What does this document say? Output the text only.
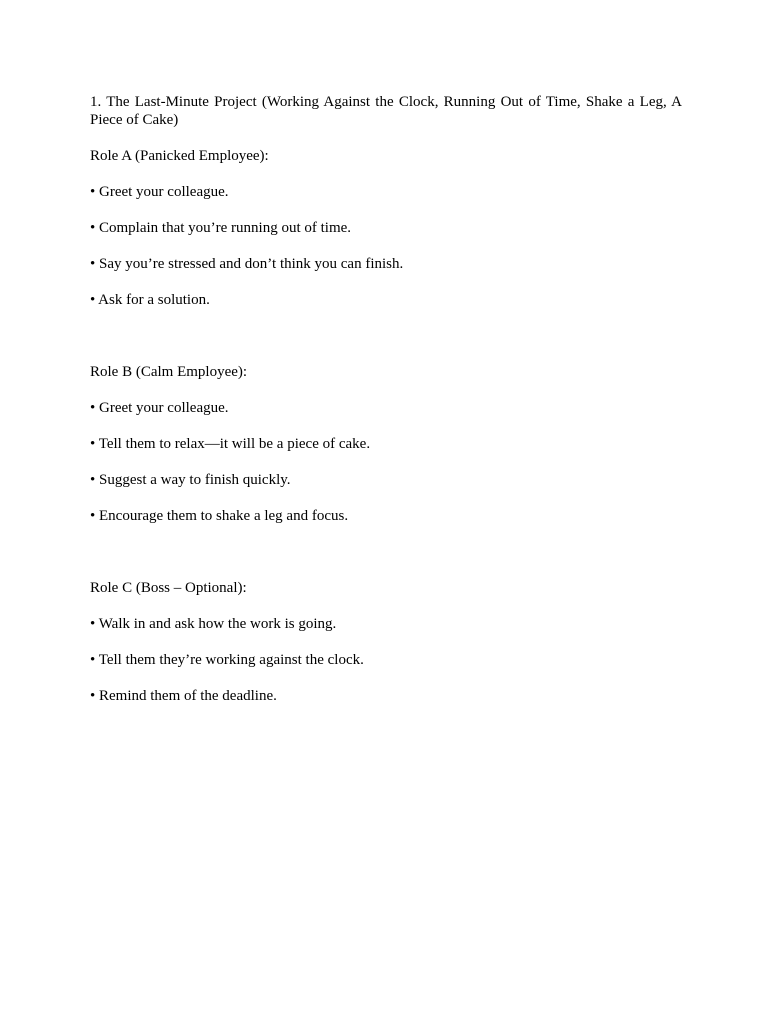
1. The Last-Minute Project (Working Against the Clock, Running Out of Time, Shake a Leg, A Piece of Cake)

Role A (Panicked Employee):

• Greet your colleague.

• Complain that you’re running out of time.

• Say you’re stressed and don’t think you can finish.

• Ask for a solution.

Role B (Calm Employee):

• Greet your colleague.

• Tell them to relax—it will be a piece of cake.

• Suggest a way to finish quickly.

• Encourage them to shake a leg and focus.

Role C (Boss – Optional):

• Walk in and ask how the work is going.

• Tell them they’re working against the clock.

• Remind them of the deadline.
